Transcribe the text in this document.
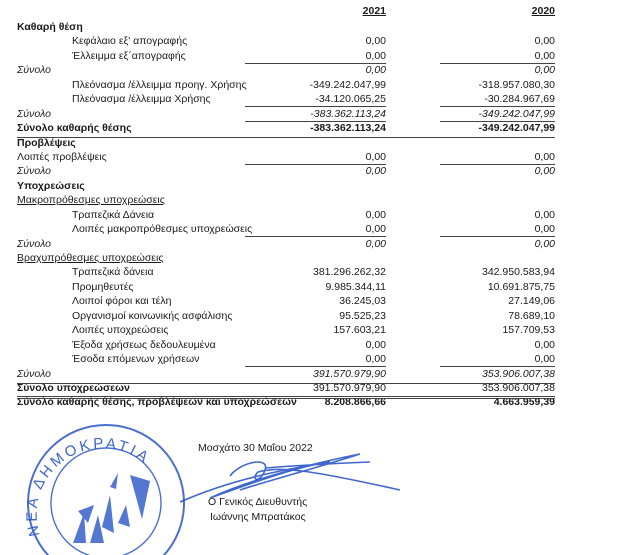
2021	2020
Καθαρή θέση
Κεφάλαιο εξ' απογραφής	0,00	0,00
Έλλειμμα εξ΄απογραφής	0,00	0,00
Σύνολο	0,00	0,00
Πλεόνασμα /έλλειμμα προηγ. Χρήσης	-349.242.047,99	-318.957.080,30
Πλεόνασμα /έλλειμμα Χρήσης	-34.120.065,25	-30.284.967,69
Σύνολο	-383.362.113,24	-349.242.047,99
Σύνολο καθαρής θέσης	-383.362.113,24	-349.242.047,99
Προβλέψεις
Λοιπές προβλέψεις	0,00	0,00
Σύνολο	0,00	0,00
Υποχρεώσεις
Μακροπρόθεσμες υποχρεώσεις
Τραπεζικά Δάνεια	0,00	0,00
Λοιπές μακροπρόθεσμες υποχρεώσεις	0,00	0,00
Σύνολο	0,00	0,00
Βραχυπρόθεσμες υποχρεώσεις
Τραπεζικά δάνεια	381.296.262,32	342.950.583,94
Προμηθευτές	9.985.344,11	10.691.875,75
Λοιποί φόροι και τέλη	36.245,03	27.149,06
Οργανισμοί κοινωνικής ασφάλισης	95.525,23	78.689,10
Λοιπές υποχρεώσεις	157.603,21	157.709,53
Έξοδα χρήσεως δεδουλευμένα	0,00	0,00
Έσοδα επόμενων χρήσεων	0,00	0,00
Σύνολο	391.570.979,90	353.906.007,38
Σύνολο υποχρεώσεων	391.570.979,90	353.906.007,38
Σύνολο καθαρής θέσης, προβλέψεων και υποχρεώσεων	8.208.866,66	4.663.959,39
ΝΕΑ ΔΗΜΟΚΡΑΤΙΑ	Μοσχάτο 30 Μαΐου 2022
Ο Γενικός Διευθυντής
Ιωάννης Μπρατάκος
